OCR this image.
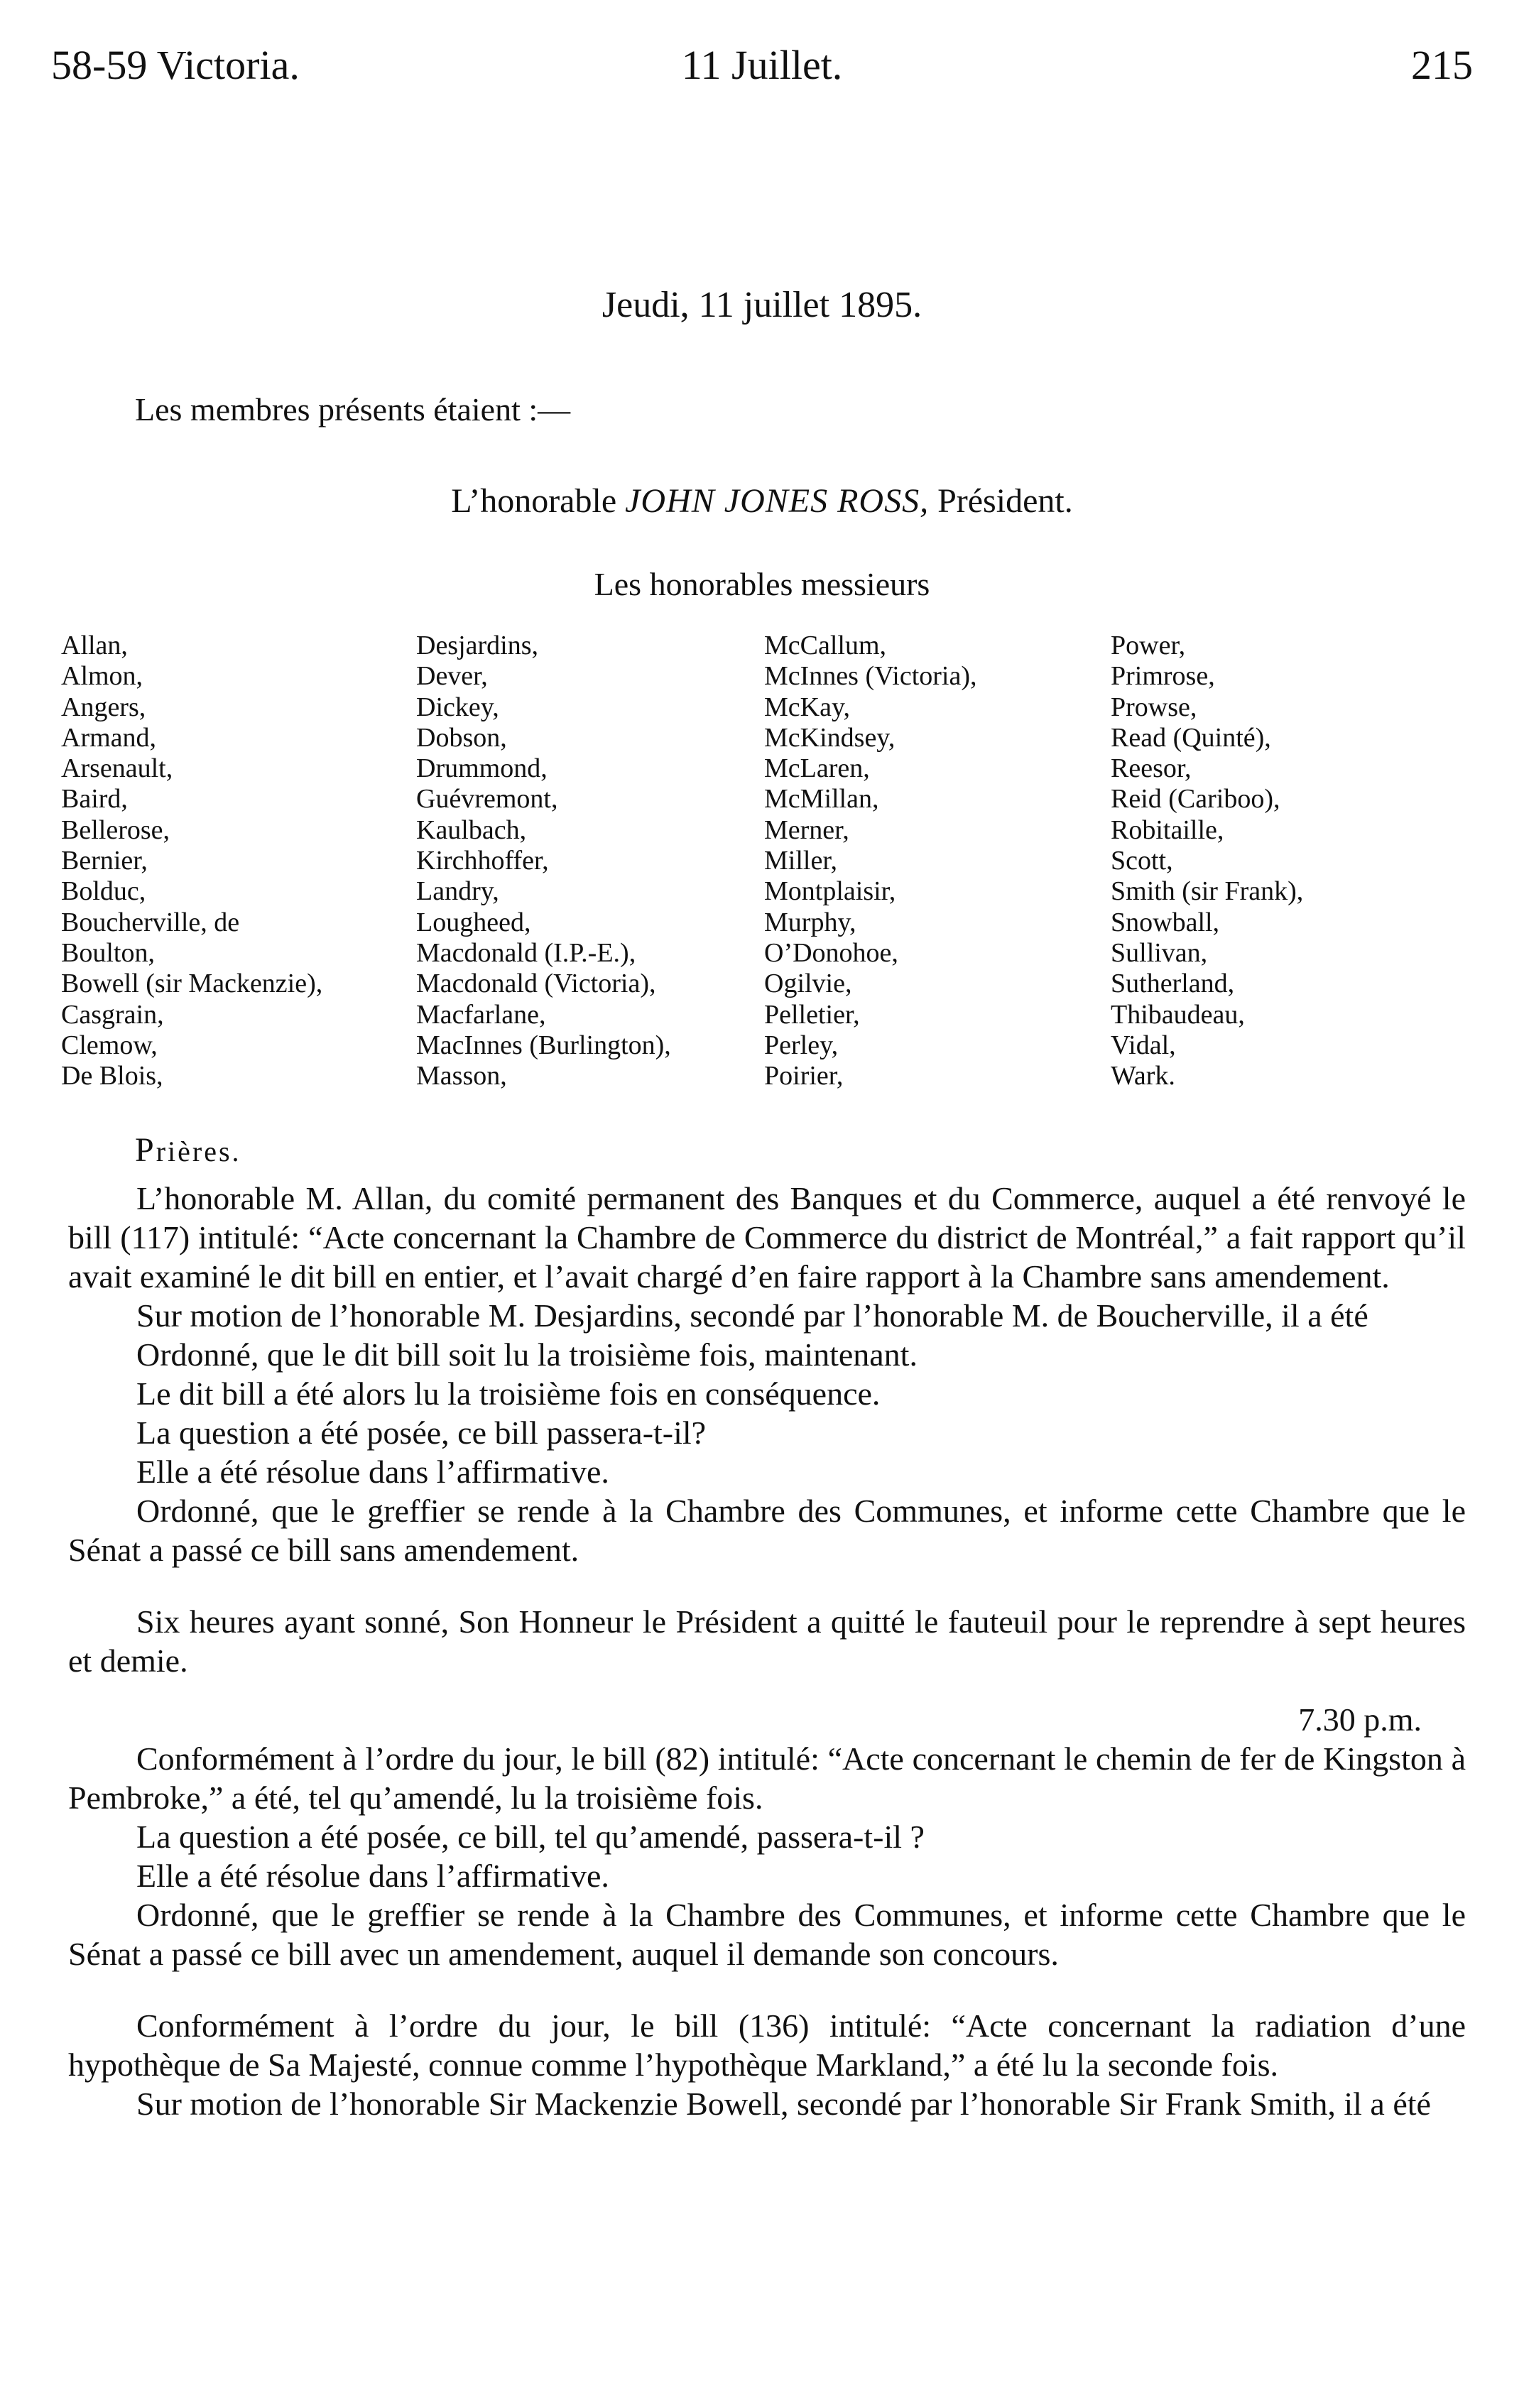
58-59 Victoria.	11 Juillet.	215
Jeudi, 11 juillet 1895.
Les membres présents étaient :—
L’honorable JOHN JONES ROSS, Président.
Les honorables messieurs
Allan,
Almon,
Angers,
Armand,
Arsenault,
Baird,
Bellerose,
Bernier,
Bolduc,
Boucherville, de
Boulton,
Bowell (sir Mackenzie),
Casgrain,
Clemow,
De Blois,
Desjardins,
Dever,
Dickey,
Dobson,
Drummond,
Guévremont,
Kaulbach,
Kirchhoffer,
Landry,
Lougheed,
Macdonald (I.P.-E.),
Macdonald (Victoria),
Macfarlane,
MacInnes (Burlington),
Masson,
McCallum,
McInnes (Victoria),
McKay,
McKindsey,
McLaren,
McMillan,
Merner,
Miller,
Montplaisir,
Murphy,
O’Donohoe,
Ogilvie,
Pelletier,
Perley,
Poirier,
Power,
Primrose,
Prowse,
Read (Quinté),
Reesor,
Reid (Cariboo),
Robitaille,
Scott,
Smith (sir Frank),
Snowball,
Sullivan,
Sutherland,
Thibaudeau,
Vidal,
Wark.
Prières.

L’honorable M. Allan, du comité permanent des Banques et du Commerce, auquel a été renvoyé le bill (117) intitulé: “Acte concernant la Chambre de Commerce du district de Montréal,” a fait rapport qu’il avait examiné le dit bill en entier, et l’avait chargé d’en faire rapport à la Chambre sans amendement.

Sur motion de l’honorable M. Desjardins, secondé par l’honorable M. de Boucherville, il a été

Ordonné, que le dit bill soit lu la troisième fois, maintenant.

Le dit bill a été alors lu la troisième fois en conséquence.

La question a été posée, ce bill passera-t-il?

Elle a été résolue dans l’affirmative.

Ordonné, que le greffier se rende à la Chambre des Communes, et informe cette Chambre que le Sénat a passé ce bill sans amendement.

Six heures ayant sonné, Son Honneur le Président a quitté le fauteuil pour le reprendre à sept heures et demie.

7.30 p.m.

Conformément à l’ordre du jour, le bill (82) intitulé: “Acte concernant le chemin de fer de Kingston à Pembroke,” a été, tel qu’amendé, lu la troisième fois.

La question a été posée, ce bill, tel qu’amendé, passera-t-il ?

Elle a été résolue dans l’affirmative.

Ordonné, que le greffier se rende à la Chambre des Communes, et informe cette Chambre que le Sénat a passé ce bill avec un amendement, auquel il demande son concours.

Conformément à l’ordre du jour, le bill (136) intitulé: “Acte concernant la radiation d’une hypothèque de Sa Majesté, connue comme l’hypothèque Markland,” a été lu la seconde fois.

Sur motion de l’honorable Sir Mackenzie Bowell, secondé par l’honorable Sir Frank Smith, il a été
